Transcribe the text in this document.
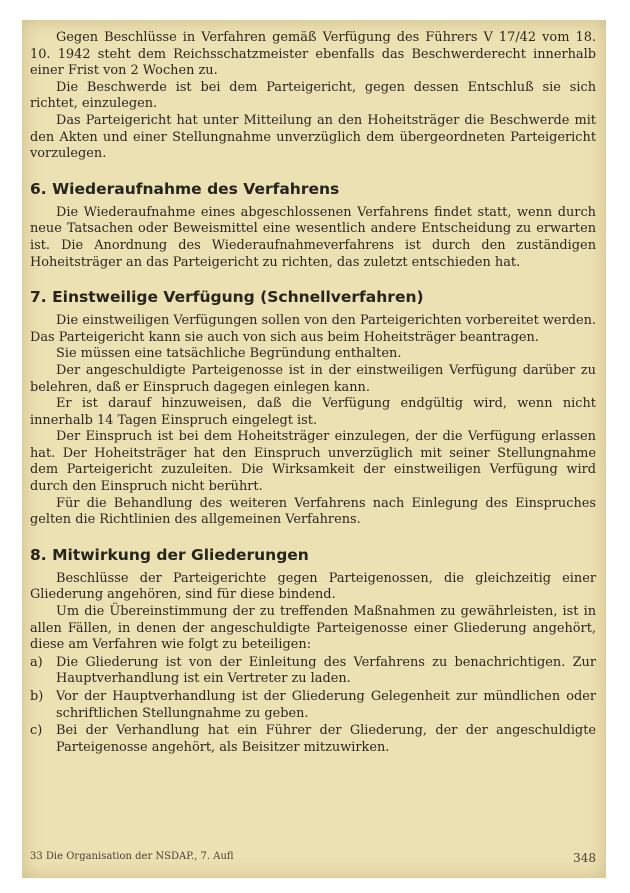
Gegen Beschlüsse in Verfahren gemäß Verfügung des Führers V 17/42 vom 18. 10. 1942 steht dem Reichsschatzmeister ebenfalls das Beschwerderecht innerhalb einer Frist von 2 Wochen zu.

Die Beschwerde ist bei dem Parteigericht, gegen dessen Entschluß sie sich richtet, einzulegen.

Das Parteigericht hat unter Mitteilung an den Hoheitsträger die Beschwerde mit den Akten und einer Stellungnahme unverzüglich dem übergeordneten Parteigericht vorzulegen.

6. Wiederaufnahme des Verfahrens

Die Wiederaufnahme eines abgeschlossenen Verfahrens findet statt, wenn durch neue Tatsachen oder Beweismittel eine wesentlich andere Entscheidung zu erwarten ist. Die Anordnung des Wiederaufnahmeverfahrens ist durch den zuständigen Hoheitsträger an das Parteigericht zu richten, das zuletzt entschieden hat.

7. Einstweilige Verfügung (Schnellverfahren)

Die einstweiligen Verfügungen sollen von den Parteigerichten vorbereitet werden. Das Parteigericht kann sie auch von sich aus beim Hoheitsträger beantragen.

Sie müssen eine tatsächliche Begründung enthalten.

Der angeschuldigte Parteigenosse ist in der einstweiligen Verfügung darüber zu belehren, daß er Einspruch dagegen einlegen kann.

Er ist darauf hinzuweisen, daß die Verfügung endgültig wird, wenn nicht innerhalb 14 Tagen Einspruch eingelegt ist.

Der Einspruch ist bei dem Hoheitsträger einzulegen, der die Verfügung erlassen hat. Der Hoheitsträger hat den Einspruch unverzüglich mit seiner Stellungnahme dem Parteigericht zuzuleiten. Die Wirksamkeit der einstweiligen Verfügung wird durch den Einspruch nicht berührt.

Für die Behandlung des weiteren Verfahrens nach Einlegung des Einspruches gelten die Richtlinien des allgemeinen Verfahrens.

8. Mitwirkung der Gliederungen

Beschlüsse der Parteigerichte gegen Parteigenossen, die gleichzeitig einer Gliederung angehören, sind für diese bindend.

Um die Übereinstimmung der zu treffenden Maßnahmen zu gewährleisten, ist in allen Fällen, in denen der angeschuldigte Parteigenosse einer Gliederung angehört, diese am Verfahren wie folgt zu beteiligen:

a)	Die Gliederung ist von der Einleitung des Verfahrens zu benachrichtigen. Zur Hauptverhandlung ist ein Vertreter zu laden.
b) Vor der Hauptverhandlung ist der Gliederung Gelegenheit zur mündlichen oder schriftlichen Stellungnahme zu geben.
c)	Bei der Verhandlung hat ein Führer der Gliederung, der der angeschuldigte Parteigenosse angehört, als Beisitzer mitzuwirken.
33 Die Organisation der NSDAP., 7. Aufl	348
